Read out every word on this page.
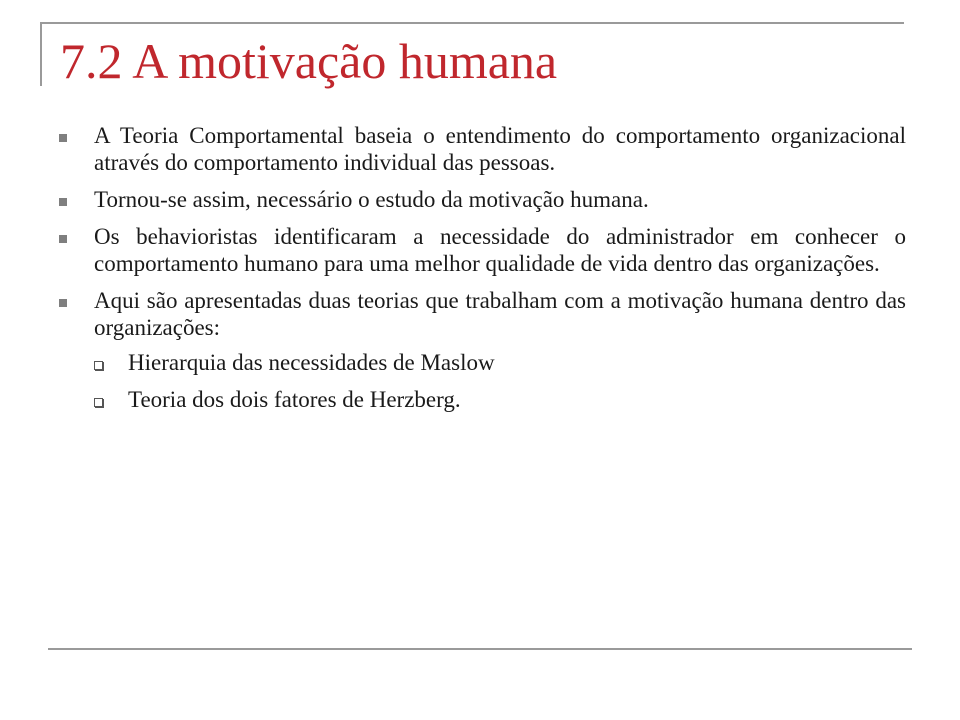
7.2 A motivação humana
A Teoria Comportamental baseia o entendimento do comportamento organizacional através do comportamento individual das pessoas.
Tornou-se assim, necessário o estudo da motivação humana.
Os behavioristas identificaram a necessidade do administrador em conhecer o comportamento humano para uma melhor qualidade de vida dentro das organizações.
Aqui são apresentadas duas teorias que trabalham com a motivação humana dentro das organizações:
Hierarquia das necessidades de Maslow
Teoria dos dois fatores de Herzberg.
